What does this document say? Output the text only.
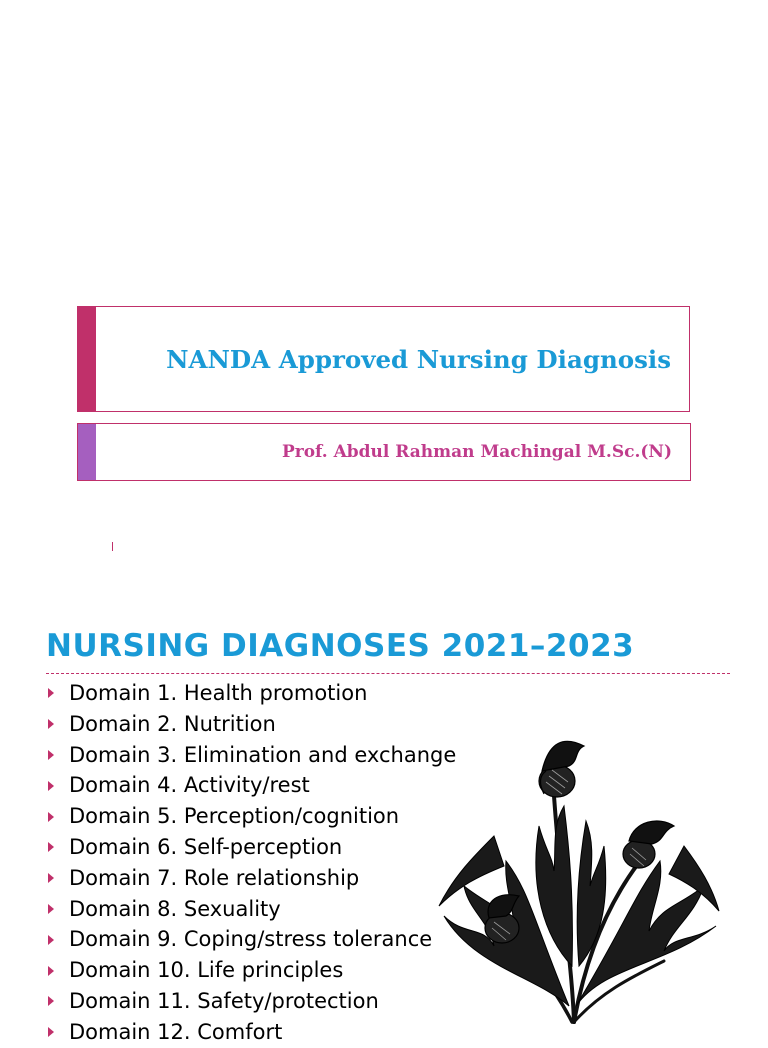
NANDA Approved Nursing Diagnosis
Prof. Abdul Rahman Machingal M.Sc.(N)
NURSING DIAGNOSES 2021–2023
Domain 1. Health promotion
Domain 2. Nutrition
Domain 3. Elimination and exchange
Domain 4. Activity/rest
Domain 5. Perception/cognition
Domain 6. Self-perception
Domain 7. Role relationship
Domain 8. Sexuality
Domain 9. Coping/stress tolerance
Domain 10. Life principles
Domain 11. Safety/protection
Domain 12. Comfort
